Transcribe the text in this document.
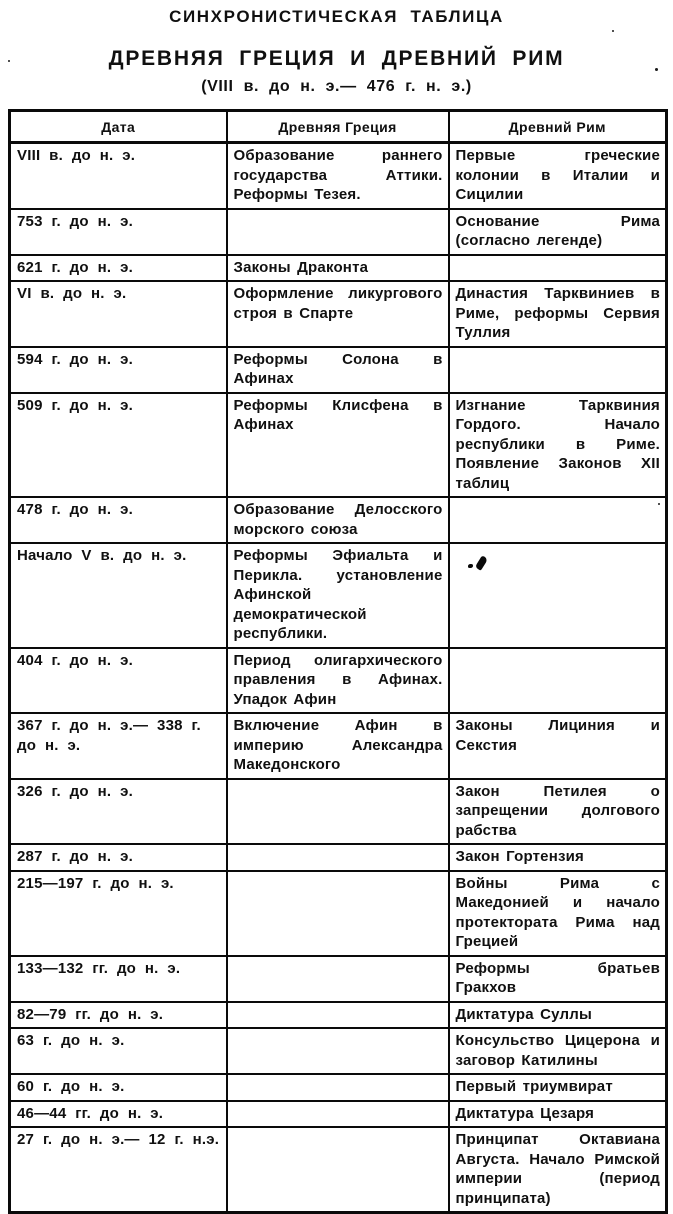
СИНХРОНИСТИЧЕСКАЯ ТАБЛИЦА
ДРЕВНЯЯ ГРЕЦИЯ И ДРЕВНИЙ РИМ
(VIII в. до н. э.— 476 г. н. э.)
Дата	Древняя Греция	Древний Рим
VIII в. до н. э.	Образование раннего государства Аттики. Реформы Тезея.	Первые греческие колонии в Италии и Сицилии
753 г. до н. э.		Основание Рима (согласно легенде)
621 г. до н. э.	Законы Драконта	
VI в. до н. э.	Оформление ликургового строя в Спарте	Династия Тарквиниев в Риме, реформы Сервия Туллия
594 г. до н. э.	Реформы Солона в Афинах	
509 г. до н. э.	Реформы Клисфена в Афинах	Изгнание Тарквиния Гордого. Начало республики в Риме. Появление Законов XII таблиц
478 г. до н. э.	Образование Делосского морского союза	
Начало V в. до н. э.	Реформы Эфиальта и Перикла. установление Афинской демократической республики.	
404 г. до н. э.	Период олигархического правления в Афинах. Упадок Афин	
367 г. до н. э.— 338 г. до н. э.	Включение Афин в империю Александра Македонского	Законы Лициния и Секстия
326 г. до н. э.		Закон Петилея о запрещении долгового рабства
287 г. до н. э.		Закон Гортензия
215—197 г. до н. э.		Войны Рима с Македонией и начало протектората Рима над Грецией
133—132 гг. до н. э.		Реформы братьев Гракхов
82—79 гг. до н. э.		Диктатура Суллы
63 г. до н. э.		Консульство Цицерона и заговор Катилины
60 г. до н. э.		Первый триумвират
46—44 гг. до н. э.		Диктатура Цезаря
27 г. до н. э.— 12 г. н.э.		Принципат Октавиана Августа. Начало Римской империи (период принципата)
